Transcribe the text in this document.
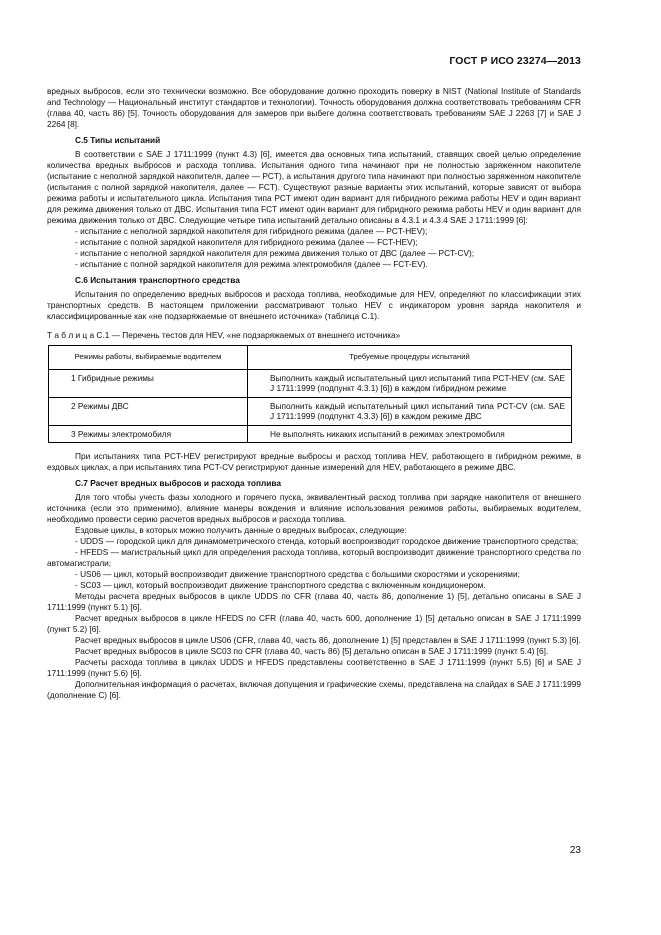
ГОСТ Р ИСО 23274—2013

вредных выбросов, если это технически возможно. Все оборудование должно проходить поверку в NIST (National Institute of Standards and Technology — Национальный институт стандартов и технологии). Точность оборудования должна соответствовать требованиям CFR (глава 40, часть 86) [5]. Точность оборудования для замеров при выбеге должна соответствовать требованиям SAE J 2263 [7] и SAE J 2264 [8].

С.5 Типы испытаний

В соответствии с SAE J 1711:1999 (пункт 4.3) [6], имеется два основных типа испытаний, ставящих своей целью определение количества вредных выбросов и расхода топлива. Испытания одного типа начинают при не полностью заряженном накопителе (испытание с неполной зарядкой накопителя, далее — PCT), а испытания другого типа начинают при полностью заряженном накопителе (испытания с полной зарядкой накопителя, далее — FCT). Существуют разные варианты этих испытаний, которые зависят от выбора режима работы и испытательного цикла. Испытания типа PCT имеют один вариант для гибридного режима работы HEV и один вариант для режима движения только от ДВС. Испытания типа FCT имеют один вариант для гибридного режима работы HEV и один вариант для режима движения только от ДВС. Следующие четыре типа испытаний детально описаны в 4.3.1 и 4.3.4 SAE J 1711:1999 [6]:

- испытание с неполной зарядкой накопителя для гибридного режима (далее — PCT-HEV);

- испытание с полной зарядкой накопителя для гибридного режима (далее — FCT-HEV);

- испытание с неполной зарядкой накопителя для режима движения только от ДВС (далее — PCT-CV);

- испытание с полной зарядкой накопителя для режима электромобиля (далее — FCT-EV).

С.6 Испытания транспортного средства

Испытания по определению вредных выбросов и расхода топлива, необходимые для HEV, определяют по классификации этих транспортных средств. В настоящем приложении рассматривают только HEV с индикатором уровня заряда накопителя и классифицированные как «не подзаряжаемые от внешнего источника» (таблица С.1).

Т а б л и ц а С.1 — Перечень тестов для HEV, «не подзаряжаемых от внешнего источника»

Режимы работы, выбираемые водителем	Требуемые процедуры испытаний
1 Гибридные режимы	Выполнить каждый испытательный цикл испытаний типа PCT-HEV (см. SAE J 1711:1999 (подпункт 4.3.1) [6]) в каждом гибридном режиме
2 Режимы ДВС	Выполнить каждый испытательный цикл испытаний типа PCT-CV (см. SAE J 1711:1999 (подпункт 4.3.3) [6]) в каждом режиме ДВС
3 Режимы электромобиля	Не выполнять никаких испытаний в режимах электромобиля

При испытаниях типа PCT-HEV регистрируют вредные выбросы и расход топлива HEV, работающего в гибридном режиме, в ездовых циклах, а при испытаниях типа PCT-CV регистрируют данные измерений для HEV, работающего в режиме ДВС.

С.7 Расчет вредных выбросов и расхода топлива

Для того чтобы учесть фазы холодного и горячего пуска, эквивалентный расход топлива при зарядке накопителя от внешнего источника (если это применимо), влияние манеры вождения и влияние использования режимов работы, выбираемых водителем, необходимо провести серию расчетов вредных выбросов и расхода топлива.

Ездовые циклы, в которых можно получить данные о вредных выбросах, следующие:

- UDDS — городской цикл для динамометрического стенда, который воспроизводит городское движение транспортного средства;

- HFEDS — магистральный цикл для определения расхода топлива, который воспроизводит движение транспортного средства по автомагистрали;

- US06 — цикл, который воспроизводит движение транспортного средства с большими скоростями и ускорениями;

- SC03 — цикл, который воспроизводит движение транспортного средства с включенным кондиционером.

Методы расчета вредных выбросов в цикле UDDS по CFR (глава 40, часть 86, дополнение 1) [5], детально описаны в SAE J 1711:1999 (пункт 5.1) [6].

Расчет вредных выбросов в цикле HFEDS по CFR (глава 40, часть 600, дополнение 1) [5] детально описан в SAE J 1711:1999 (пункт 5.2) [6].

Расчет вредных выбросов в цикле US06 (CFR, глава 40, часть 86, дополнение 1) [5] представлен в SAE J 1711:1999 (пункт 5.3) [6].

Расчет вредных выбросов в цикле SC03 по CFR (глава 40, часть 86) [5] детально описан в SAE J 1711:1999 (пункт 5.4) [6].

Расчеты расхода топлива в циклах UDDS и HFEDS представлены соответственно в SAE J 1711:1999 (пункт 5.5) [6] и SAE J 1711:1999 (пункт 5.6) [6].

Дополнительная информация о расчетах, включая допущения и графические схемы, представлена на слайдах в SAE J 1711:1999 (дополнение С) [6].

23
